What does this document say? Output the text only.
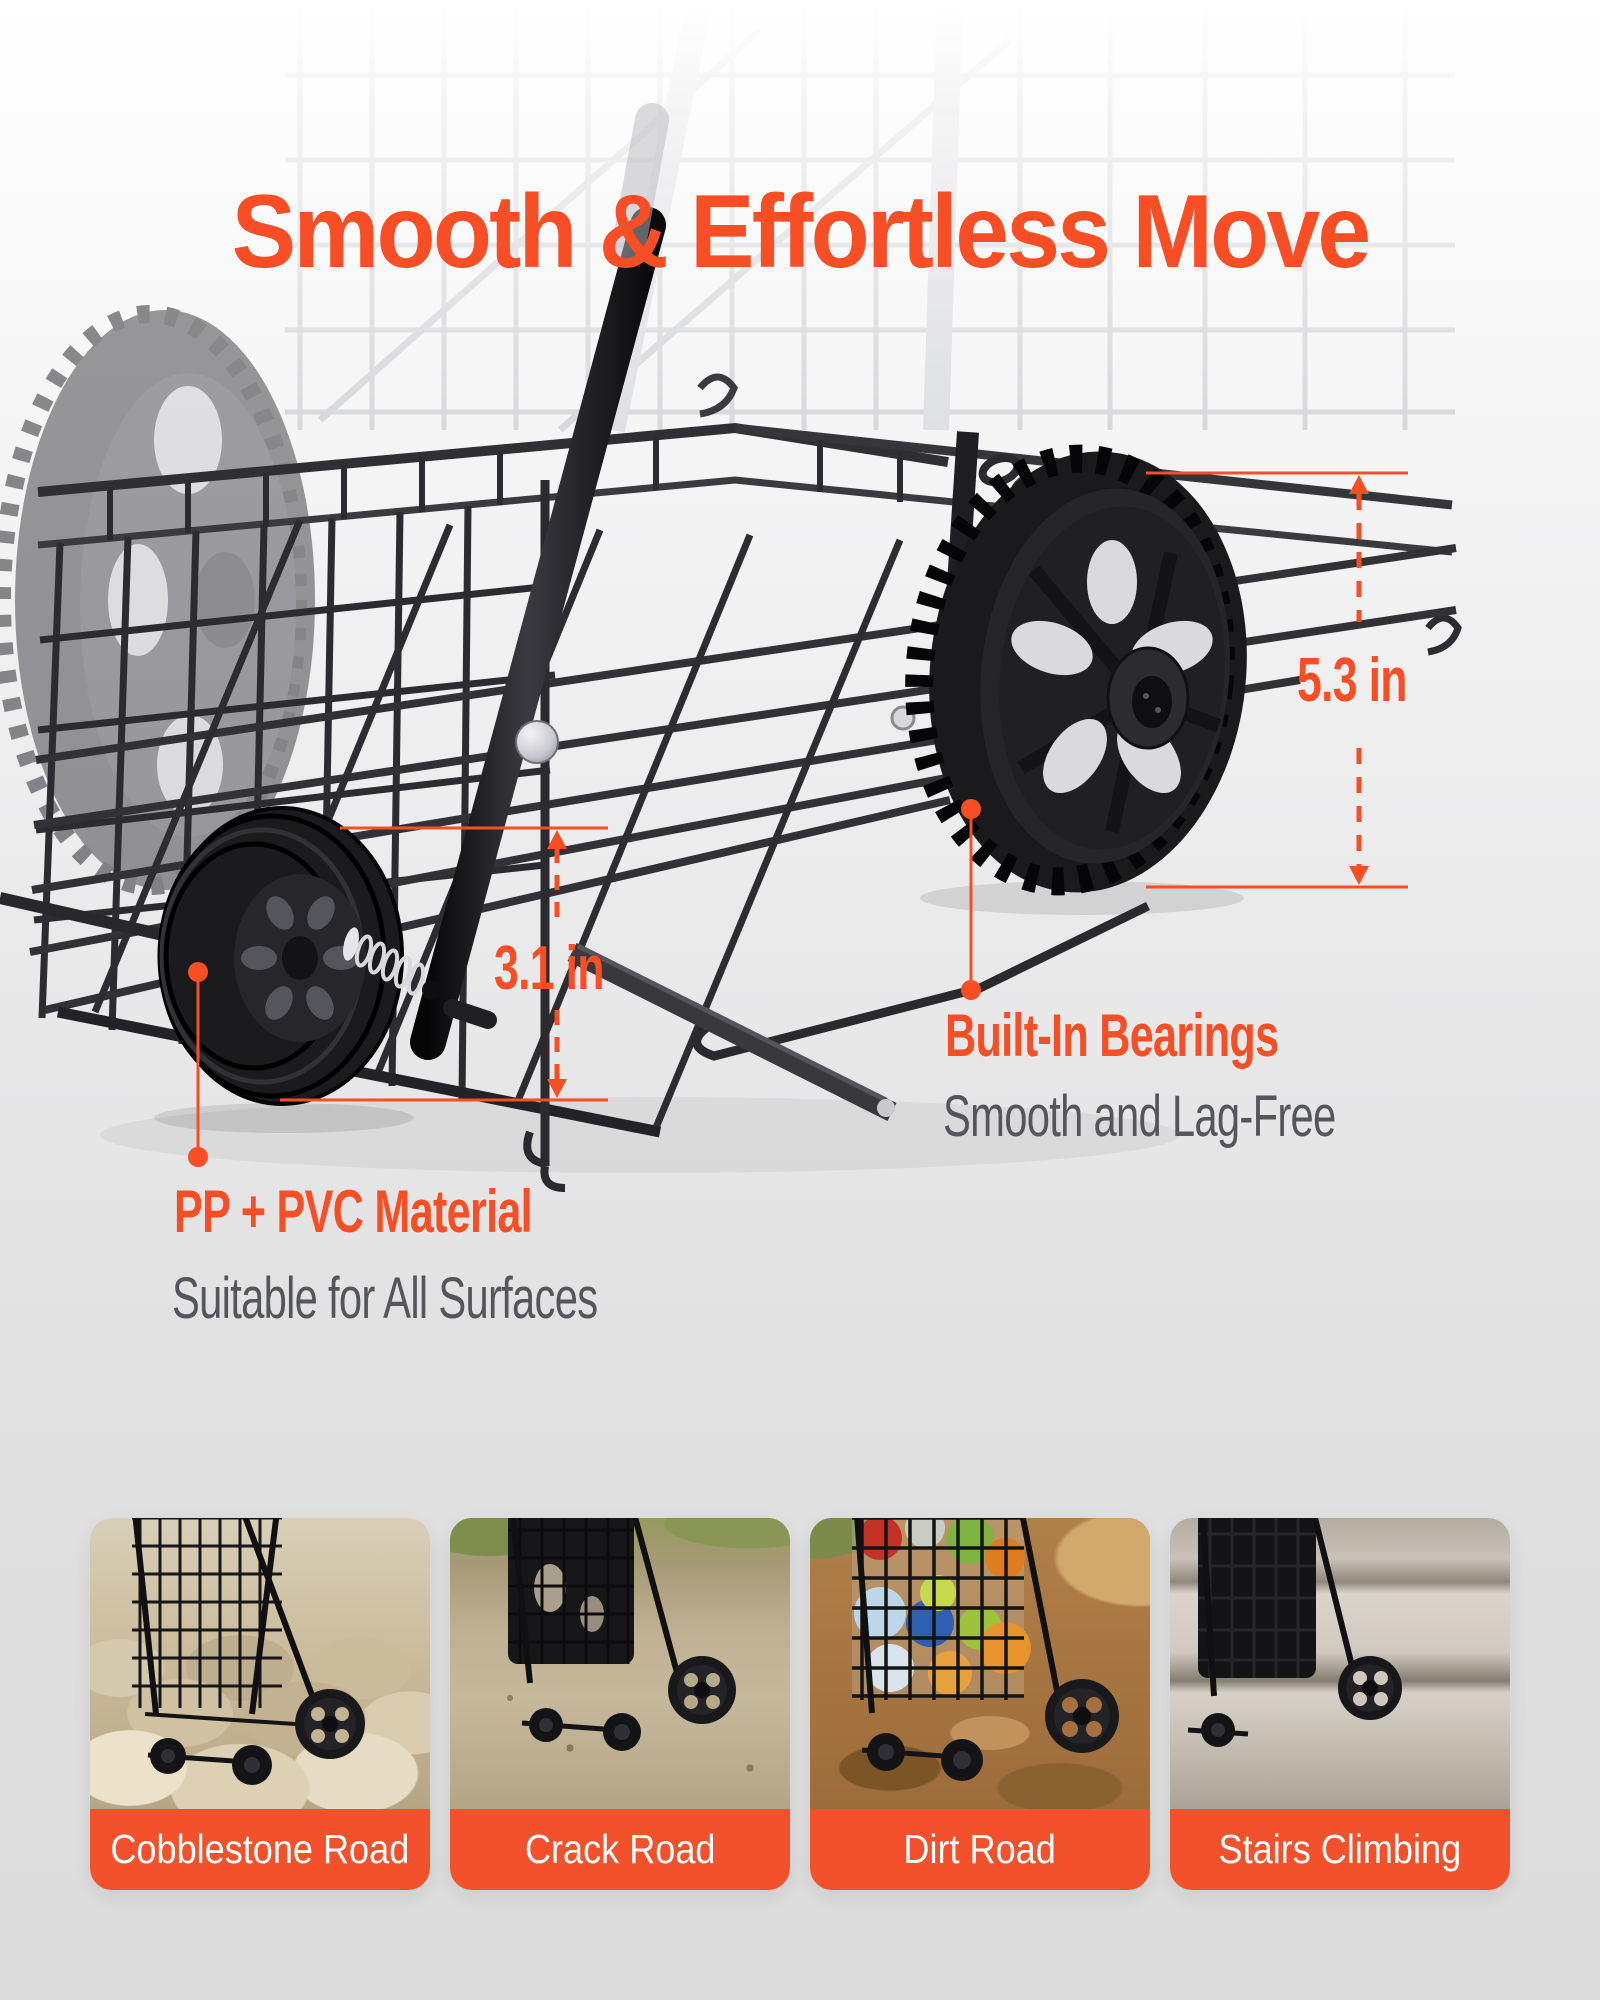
Smooth & Effortless Move
5.3 in
3.1 in
Built-In Bearings
Smooth and Lag-Free
PP + PVC Material
Suitable for All Surfaces
Cobblestone Road	Crack Road	Dirt Road	Stairs Climbing
